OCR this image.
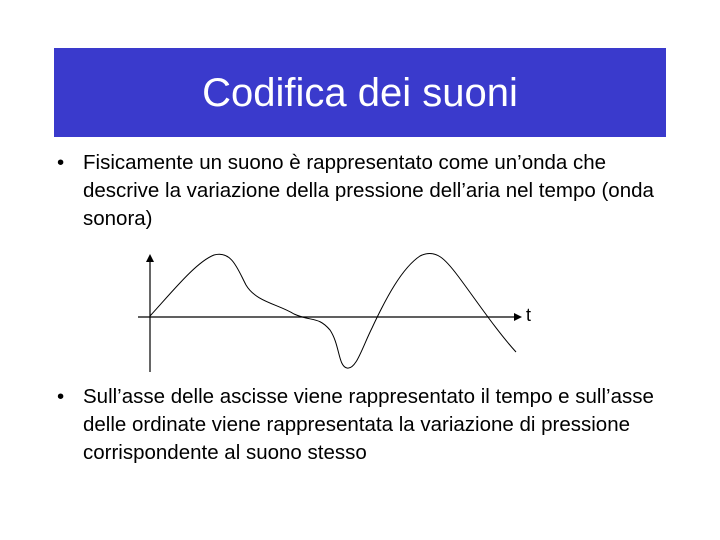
Codifica dei suoni
• Fisicamente un suono è rappresentato come un’onda che descrive la variazione della pressione dell’aria nel tempo (onda sonora)
t
• Sull’asse delle ascisse viene rappresentato il tempo e sull’asse delle ordinate viene rappresentata la variazione di pressione corrispondente al suono stesso
